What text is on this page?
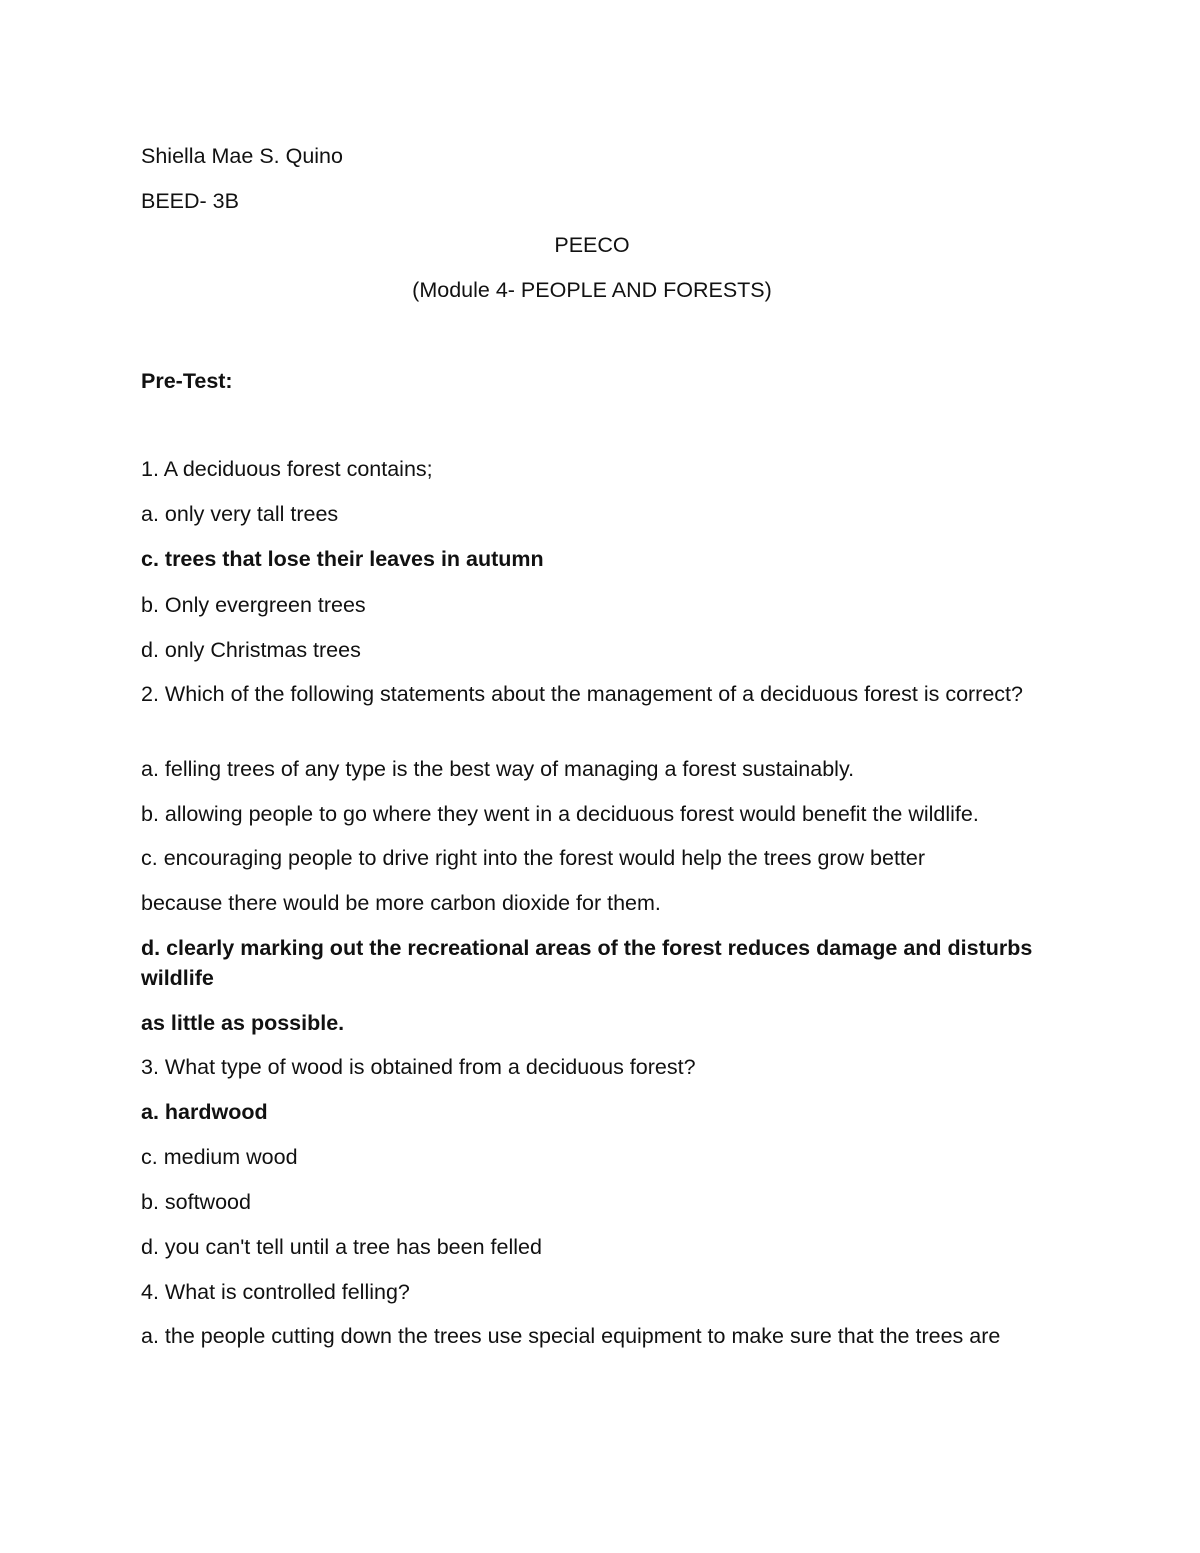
Shiella Mae S. Quino

BEED- 3B

PEECO

(Module 4- PEOPLE AND FORESTS)

Pre-Test:

1. A deciduous forest contains;

a. only very tall trees

c. trees that lose their leaves in autumn

b. Only evergreen trees

d. only Christmas trees

2. Which of the following statements about the management of a deciduous forest is correct?

a. felling trees of any type is the best way of managing a forest sustainably.

b. allowing people to go where they went in a deciduous forest would benefit the wildlife.

c. encouraging people to drive right into the forest would help the trees grow better

because there would be more carbon dioxide for them.

d. clearly marking out the recreational areas of the forest reduces damage and disturbs wildlife

as little as possible.

3. What type of wood is obtained from a deciduous forest?

a. hardwood

c. medium wood

b. softwood

d. you can't tell until a tree has been felled

4. What is controlled felling?

a. the people cutting down the trees use special equipment to make sure that the trees are
